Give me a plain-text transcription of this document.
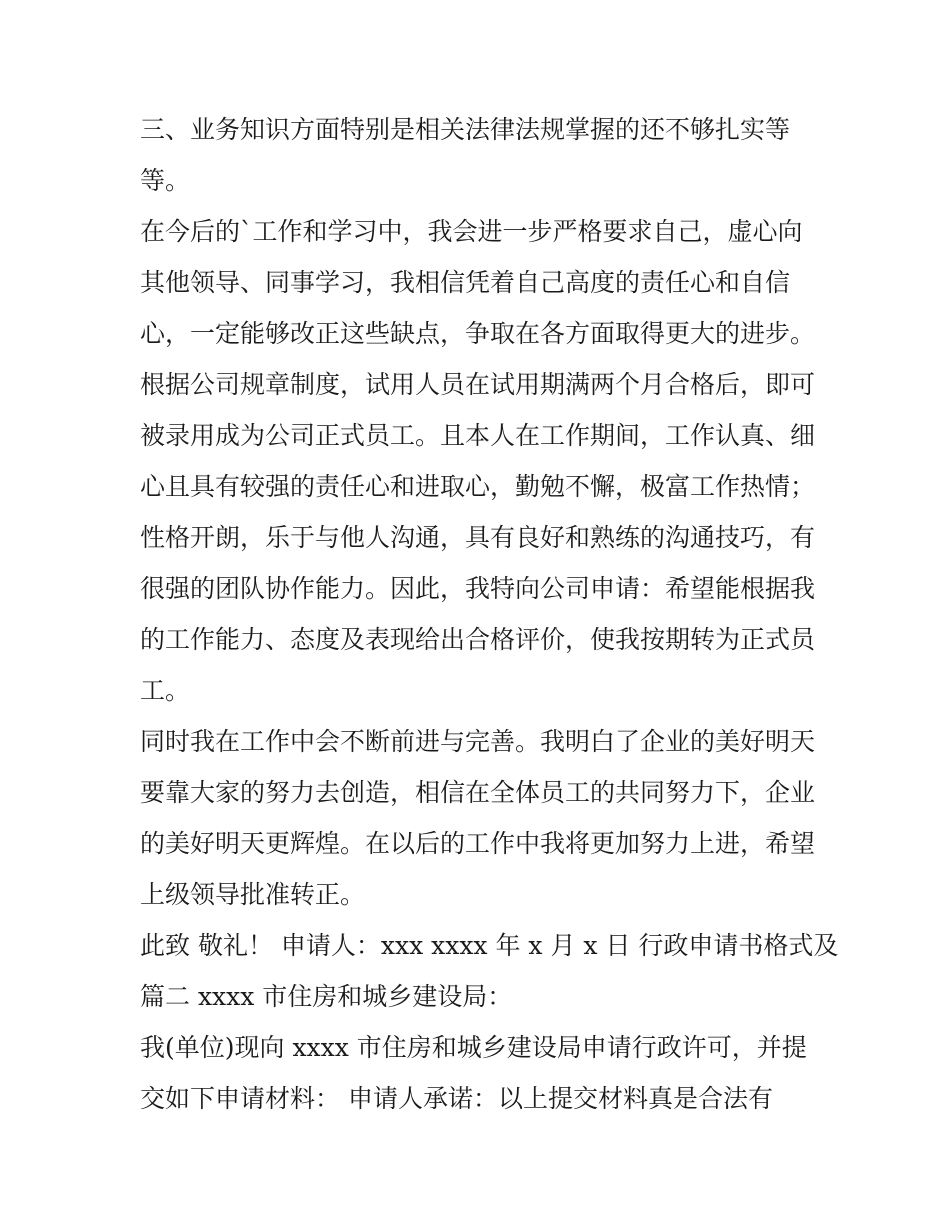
三、业务知识方面特别是相关法律法规掌握的还不够扎实等
等。
在今后的`工作和学习中，我会进一步严格要求自己，虚心向
其他领导、同事学习，我相信凭着自己高度的责任心和自信
心，一定能够改正这些缺点，争取在各方面取得更大的进步。
根据公司规章制度，试用人员在试用期满两个月合格后，即可
被录用成为公司正式员工。且本人在工作期间，工作认真、细
心且具有较强的责任心和进取心，勤勉不懈，极富工作热情；
性格开朗，乐于与他人沟通，具有良好和熟练的沟通技巧，有
很强的团队协作能力。因此，我特向公司申请：希望能根据我
的工作能力、态度及表现给出合格评价，使我按期转为正式员
工。
同时我在工作中会不断前进与完善。我明白了企业的美好明天
要靠大家的努力去创造，相信在全体员工的共同努力下，企业
的美好明天更辉煌。在以后的工作中我将更加努力上进，希望
上级领导批准转正。
此致 敬礼！ 申请人：xxx xxxx 年 x 月 x 日 行政申请书格式及
篇二 xxxx 市住房和城乡建设局：
我(单位)现向 xxxx 市住房和城乡建设局申请行政许可，并提
交如下申请材料： 申请人承诺：以上提交材料真是合法有
